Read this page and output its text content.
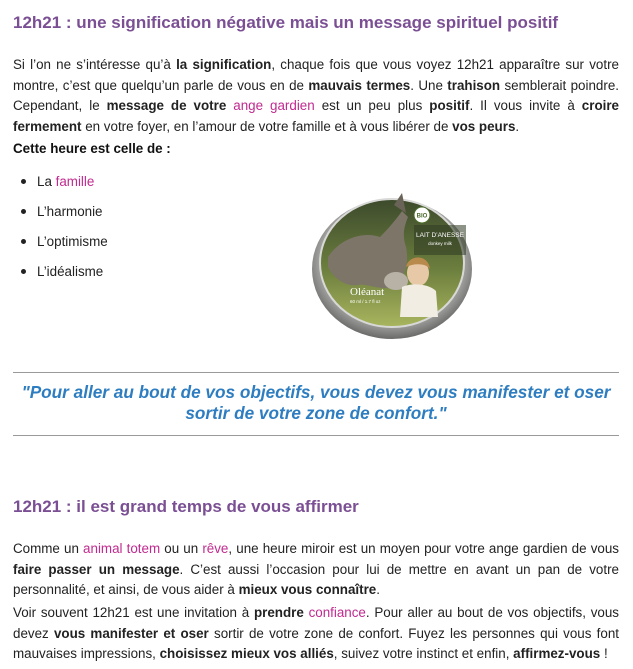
12h21 : une signification négative mais un message spirituel positif

Si l’on ne s’intéresse qu’à la signification, chaque fois que vous voyez 12h21 apparaître sur votre montre, c’est que quelqu’un parle de vous en de mauvais termes. Une trahison semblerait poindre. Cependant, le message de votre ange gardien est un peu plus positif. Il vous invite à croire fermement en votre foyer, en l’amour de votre famille et à vous libérer de vos peurs.

Cette heure est celle de :
La famille
L’harmonie
L’optimisme
L’idéalisme
LAIT D’ANESSE
donkey milk
BIO
Oléanat
60 ml / 1.7 fl oz

"Pour aller au bout de vos objectifs, vous devez vous manifester et oser sortir de votre zone de confort."

12h21 : il est grand temps de vous affirmer

Comme un animal totem ou un rêve, une heure miroir est un moyen pour votre ange gardien de vous faire passer un message. C’est aussi l’occasion pour lui de mettre en avant un pan de votre personnalité, et ainsi, de vous aider à mieux vous connaître.

Voir souvent 12h21 est une invitation à prendre confiance. Pour aller au bout de vos objectifs, vous devez vous manifester et oser sortir de votre zone de confort. Fuyez les personnes qui vous font mauvaises impressions, choisissez mieux vos alliés, suivez votre instinct et enfin, affirmez-vous !
